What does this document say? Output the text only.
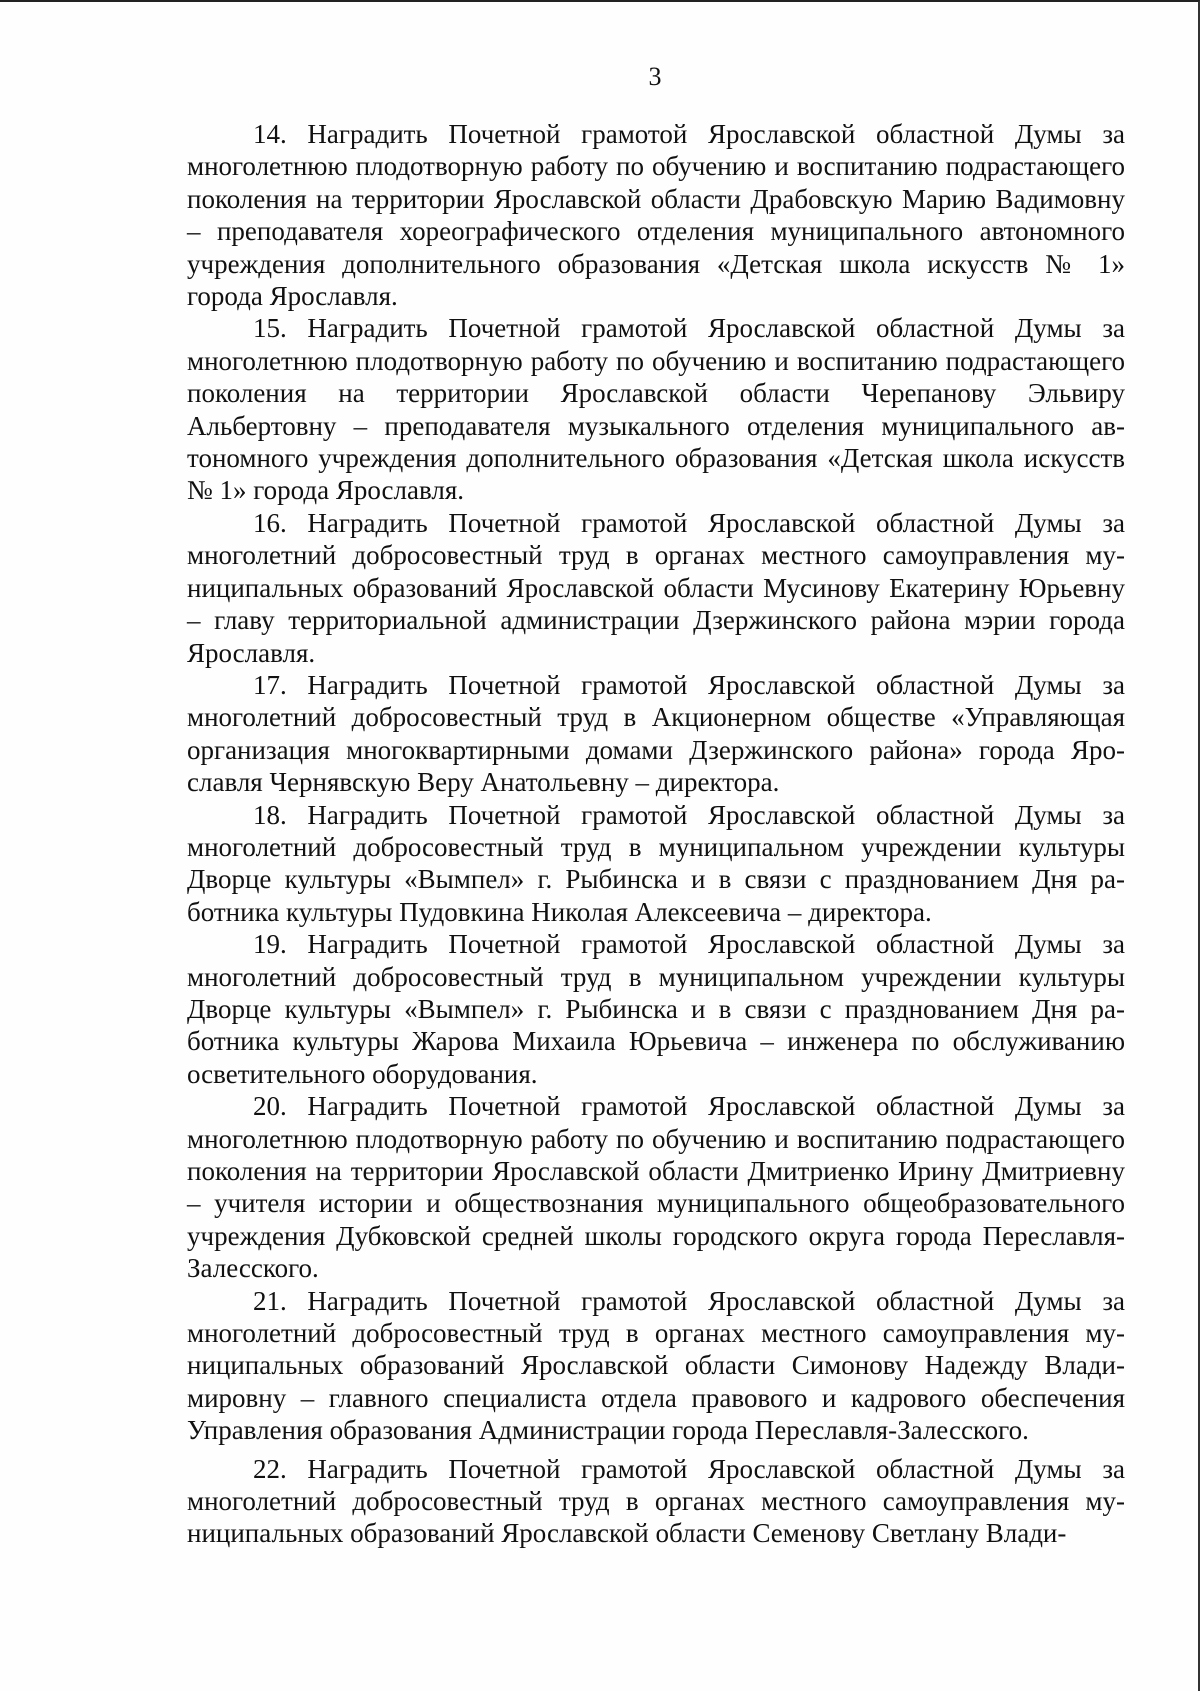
3

14. Наградить Почетной грамотой Ярославской областной Думы за многолетнюю плодотворную работу по обучению и воспитанию подрастающего поколения на территории Ярославской области Драбовскую Марию Вадимовну – преподавателя хореографического отделения муниципального автономного учреждения дополнительного образования «Детская школа искусств № 1» города Ярославля.

15. Наградить Почетной грамотой Ярославской областной Думы за многолетнюю плодотворную работу по обучению и воспитанию подрастающего поколения на территории Ярославской области Черепанову Эльвиру Альбертовну – преподавателя музыкального отделения муниципального автономного учреждения дополнительного образования «Детская школа искусств № 1» города Ярославля.

16. Наградить Почетной грамотой Ярославской областной Думы за многолетний добросовестный труд в органах местного самоуправления муниципальных образований Ярославской области Мусинову Екатерину Юрьевну – главу территориальной администрации Дзержинского района мэрии города Ярославля.

17. Наградить Почетной грамотой Ярославской областной Думы за многолетний добросовестный труд в Акционерном обществе «Управляющая организация многоквартирными домами Дзержинского района» города Ярославля Чернявскую Веру Анатольевну – директора.

18. Наградить Почетной грамотой Ярославской областной Думы за многолетний добросовестный труд в муниципальном учреждении культуры Дворце культуры «Вымпел» г. Рыбинска и в связи с празднованием Дня работника культуры Пудовкина Николая Алексеевича – директора.

19. Наградить Почетной грамотой Ярославской областной Думы за многолетний добросовестный труд в муниципальном учреждении культуры Дворце культуры «Вымпел» г. Рыбинска и в связи с празднованием Дня работника культуры Жарова Михаила Юрьевича – инженера по обслуживанию осветительного оборудования.

20. Наградить Почетной грамотой Ярославской областной Думы за многолетнюю плодотворную работу по обучению и воспитанию подрастающего поколения на территории Ярославской области Дмитриенко Ирину Дмитриевну – учителя истории и обществознания муниципального общеобразовательного учреждения Дубковской средней школы городского округа города Переславля-Залесского.

21. Наградить Почетной грамотой Ярославской областной Думы за многолетний добросовестный труд в органах местного самоуправления муниципальных образований Ярославской области Симонову Надежду Владимировну – главного специалиста отдела правового и кадрового обеспечения Управления образования Администрации города Переславля-Залесского.

22. Наградить Почетной грамотой Ярославской областной Думы за многолетний добросовестный труд в органах местного самоуправления муниципальных образований Ярославской области Семенову Светлану Влади-
